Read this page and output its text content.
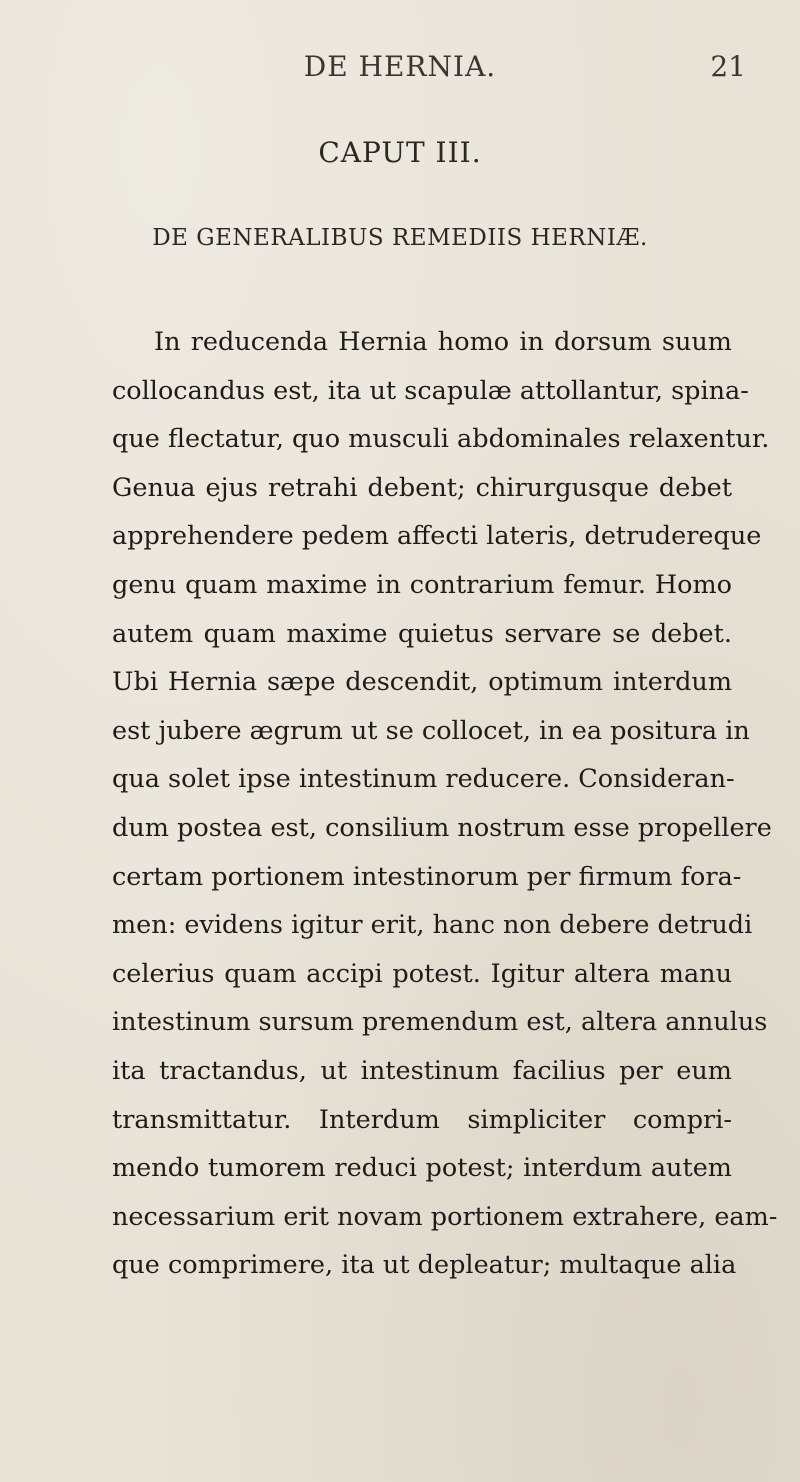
DE HERNIA.	21
CAPUT III.
DE GENERALIBUS REMEDIIS HERNIÆ.
In reducenda Hernia homo in dorsum suum
collocandus est, ita ut scapulæ attollantur, spina-
que flectatur, quo musculi abdominales relaxentur.
Genua ejus retrahi debent; chirurgusque debet
apprehendere pedem affecti lateris, detrudereque
genu quam maxime in contrarium femur. Homo
autem quam maxime quietus servare se debet.
Ubi Hernia sæpe descendit, optimum interdum
est jubere ægrum ut se collocet, in ea positura in
qua solet ipse intestinum reducere. Consideran-
dum postea est, consilium nostrum esse propellere
certam portionem intestinorum per firmum fora-
men: evidens igitur erit, hanc non debere detrudi
celerius quam accipi potest. Igitur altera manu
intestinum sursum premendum est, altera annulus
ita tractandus, ut intestinum facilius per eum
transmittatur. Interdum simpliciter compri-
mendo tumorem reduci potest; interdum autem
necessarium erit novam portionem extrahere, eam-
que comprimere, ita ut depleatur; multaque alia
